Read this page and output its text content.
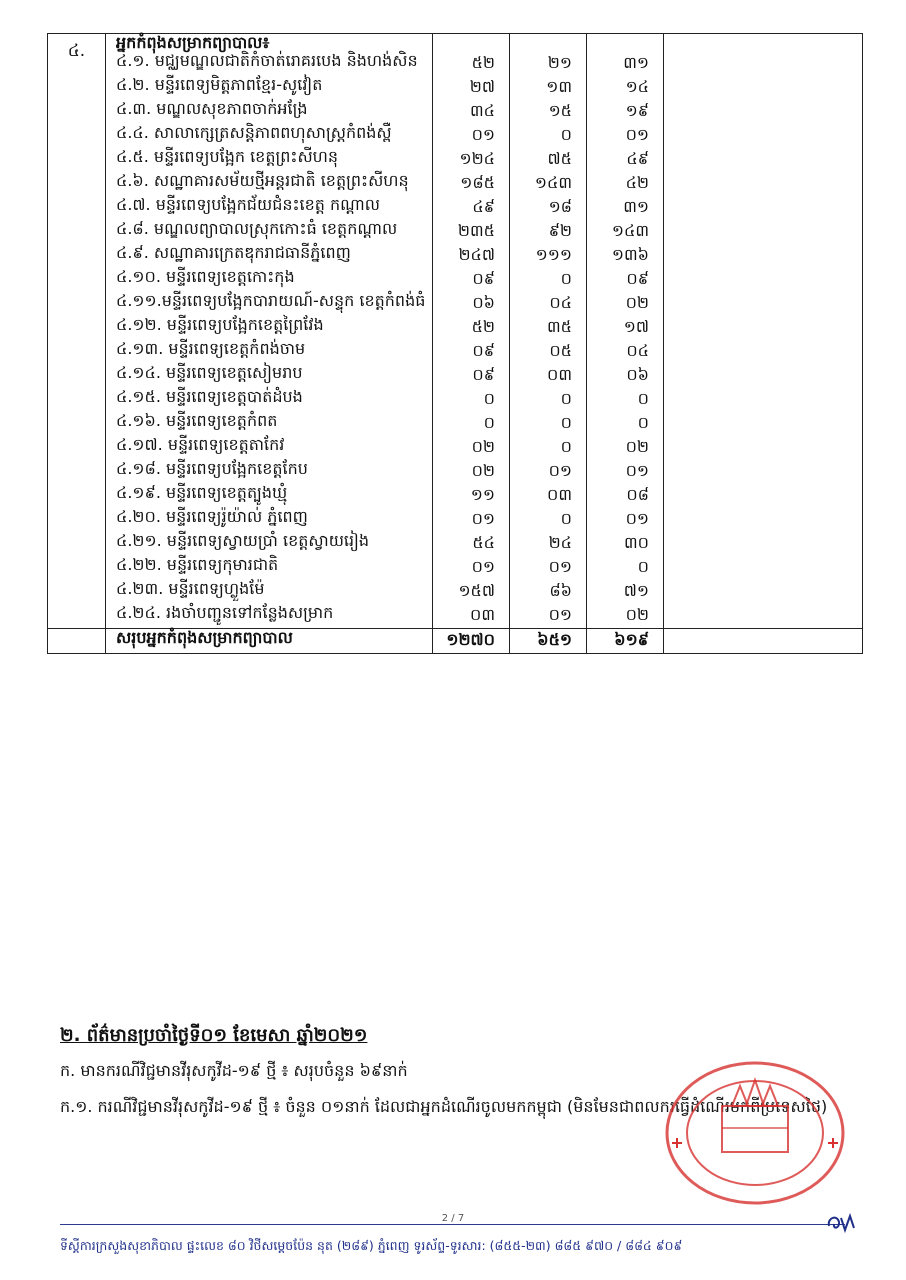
៤.	អ្នកកំពុងសម្រាកព្យាបាល៖				
	៤.១. មជ្ឈមណ្ឌលជាតិកំចាត់រោគរបេង និងហង់សិន	៥២	២១	៣១	
	៤.២. មន្ទីរពេទ្យមិត្តភាពខ្មែរ-សូវៀត	២៧	១៣	១៤	
	៤.៣. មណ្ឌលសុខភាពចាក់អង្រែ	៣៤	១៥	១៩	
	៤.៤. សាលាក្សេត្រសន្តិភាពពហុសាស្ត្រកំពង់ស្ពឺ	០១	០	០១	
	៤.៥. មន្ទីរពេទ្យបង្អែក ខេត្តព្រះសីហនុ	១២៤	៧៥	៤៩	
	៤.៦. សណ្ឋាគារសម័យថ្មីអន្តរជាតិ ខេត្តព្រះសីហនុ	១៨៥	១៤៣	៤២	
	៤.៧. មន្ទីរពេទ្យបង្អែកជ័យជំនះខេត្ត កណ្តាល	៤៩	១៨	៣១	
	៤.៨. មណ្ឌលព្យាបាលស្រុកកោះធំ ខេត្តកណ្តាល	២៣៥	៩២	១៤៣	
	៤.៩. សណ្ឋាគារក្រេតឌុករាជធានីភ្នំពេញ	២៤៧	១១១	១៣៦	
	៤.១០. មន្ទីរពេទ្យខេត្តកោះកុង	០៩	០	០៩	
	៤.១១.មន្ទីរពេទ្យបង្អែកបារាយណ៍-សន្ទុក ខេត្តកំពង់ធំ	០៦	០៤	០២	
	៤.១២. មន្ទីរពេទ្យបង្អែកខេត្តព្រៃវែង	៥២	៣៥	១៧	
	៤.១៣. មន្ទីរពេទ្យខេត្តកំពង់ចាម	០៩	០៥	០៤	
	៤.១៤. មន្ទីរពេទ្យខេត្តសៀមរាប	០៩	០៣	០៦	
	៤.១៥. មន្ទីរពេទ្យខេត្តបាត់ដំបង	០	០	០	
	៤.១៦. មន្ទីរពេទ្យខេត្តកំពត	០	០	០	
	៤.១៧. មន្ទីរពេទ្យខេត្តតាកែវ	០២	០	០២	
	៤.១៨. មន្ទីរពេទ្យបង្អែកខេត្តកែប	០២	០១	០១	
	៤.១៩. មន្ទីរពេទ្យខេត្តត្បូងឃ្មុំ	១១	០៣	០៨	
	៤.២០. មន្ទីរពេទ្យរ៉ូយ៉ាល់ ភ្នំពេញ	០១	០	០១	
	៤.២១. មន្ទីរពេទ្យស្វាយប្រាំ ខេត្តស្វាយរៀង	៥៤	២៤	៣០	
	៤.២២. មន្ទីរពេទ្យកុមារជាតិ	០១	០១	០	
	៤.២៣. មន្ទីរពេទ្យហ្លួងម៉ែ	១៥៧	៨៦	៧១	
	៤.២៤. រងចាំបញ្ជូនទៅកន្លែងសម្រាក	០៣	០១	០២	
	សរុបអ្នកកំពុងសម្រាកព្យាបាល	១២៧០	៦៥១	៦១៩	
២. ព័ត៌មានប្រចាំថ្ងៃទី០១ ខែមេសា ឆ្នាំ២០២១
ក. មានករណីវិជ្ជមានវីរុសកូវីដ-១៩ ថ្មី ៖ សរុបចំនួន ៦៩នាក់
ក.១. ករណីវិជ្ជមានវីរុសកូវីដ-១៩ ថ្មី ៖ ចំនួន ០១នាក់ ដែលជាអ្នកដំណើរចូលមកកម្ពុជា (មិនមែនជាពលករធ្វើដំណើរមកពីប្រទេសថៃ)
2 / 7
ទីស្តីការក្រសួងសុខាភិបាល ផ្ទះលេខ ៨០ វិថីសម្តេចប៉ែន នុត (២៨៩) ភ្នំពេញ ទូរស័ព្ទ-ទូរសារ: (៨៥៥-២៣) ៨៨៥ ៩៧០ / ៨៨៤ ៩០៩
